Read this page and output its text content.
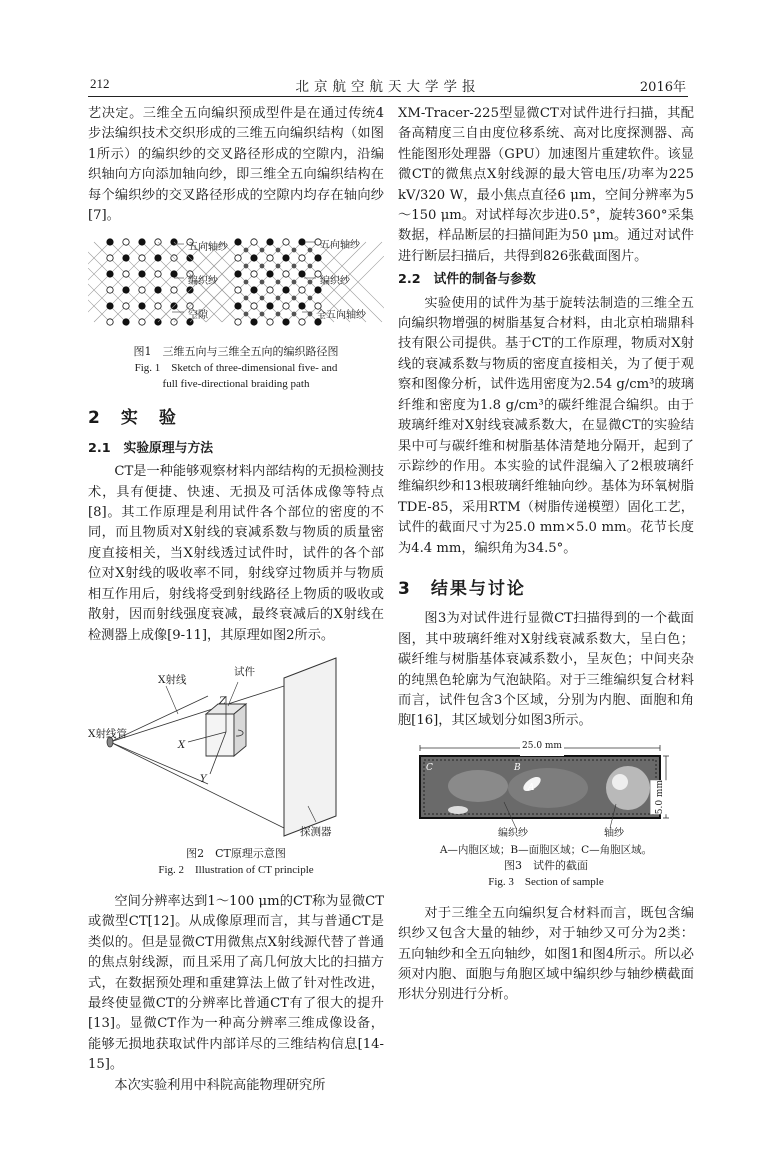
212	北京航空航天大学学报	2016年

艺决定。三维全五向编织预成型件是在通过传统4步法编织技术交织形成的三维五向编织结构（如图1所示）的编织纱的交叉路径形成的空隙内，沿编织轴向方向添加轴向纱，即三维全五向编织结构在每个编织纱的交叉路径形成的空隙内均存在轴向纱[7]。

五向轴纱
编织纱
空隙
五向轴纱
编织纱
全五向轴纱
图1　三维五向与三维全五向的编织路径图
Fig. 1　Sketch of three-dimensional five- and
full five-directional braiding path
2　实　验
2.1　实验原理与方法

CT是一种能够观察材料内部结构的无损检测技术，具有便捷、快速、无损及可活体成像等特点[8]。其工作原理是利用试件各个部位的密度的不同，而且物质对X射线的衰减系数与物质的质量密度直接相关，当X射线透过试件时，试件的各个部位对X射线的吸收率不同，射线穿过物质并与物质相互作用后，射线将受到射线路径上物质的吸收或散射，因而射线强度衰减，最终衰减后的X射线在检测器上成像[9-11]，其原理如图2所示。

X射线
试件
X射线管
Z
X
Y
探测器
图2　CT原理示意图
Fig. 2　Illustration of CT principle

空间分辨率达到1～100 μm的CT称为显微CT或微型CT[12]。从成像原理而言，其与普通CT是类似的。但是显微CT用微焦点X射线源代替了普通的焦点射线源，而且采用了高几何放大比的扫描方式，在数据预处理和重建算法上做了针对性改进，最终使显微CT的分辨率比普通CT有了很大的提升[13]。显微CT作为一种高分辨率三维成像设备，能够无损地获取试件内部详尽的三维结构信息[14-15]。

本次实验利用中科院高能物理研究所

XM-Tracer-225型显微CT对试件进行扫描，其配备高精度三自由度位移系统、高对比度探测器、高性能图形处理器（GPU）加速图片重建软件。该显微CT的微焦点X射线源的最大管电压/功率为225 kV/320 W，最小焦点直径6 μm，空间分辨率为5～150 μm。对试样每次步进0.5°，旋转360°采集数据，样品断层的扫描间距为50 μm。通过对试件进行断层扫描后，共得到826张截面图片。

2.2　试件的制备与参数

实验使用的试件为基于旋转法制造的三维全五向编织物增强的树脂基复合材料，由北京柏瑞鼎科技有限公司提供。基于CT的工作原理，物质对X射线的衰减系数与物质的密度直接相关，为了便于观察和图像分析，试件选用密度为2.54 g/cm³的玻璃纤维和密度为1.8 g/cm³的碳纤维混合编织。由于玻璃纤维对X射线衰减系数大，在显微CT的实验结果中可与碳纤维和树脂基体清楚地分隔开，起到了示踪纱的作用。本实验的试件混编入了2根玻璃纤维编织纱和13根玻璃纤维轴向纱。基体为环氧树脂TDE-85，采用RTM（树脂传递模塑）固化工艺，试件的截面尺寸为25.0 mm×5.0 mm。花节长度为4.4 mm，编织角为34.5°。

3　结果与讨论

图3为对试件进行显微CT扫描得到的一个截面图，其中玻璃纤维对X射线衰减系数大，呈白色；碳纤维与树脂基体衰减系数小，呈灰色；中间夹杂的纯黑色轮廓为气泡缺陷。对于三维编织复合材料而言，试件包含3个区域，分别为内胞、面胞和角胞[16]，其区域划分如图3所示。

25.0 mm
5.0 mm
C	B
A
编织纱	轴纱
A—内胞区域；B—面胞区域；C—角胞区域。
图3　试件的截面
Fig. 3　Section of sample

对于三维全五向编织复合材料而言，既包含编织纱又包含大量的轴纱，对于轴纱又可分为2类：五向轴纱和全五向轴纱，如图1和图4所示。所以必须对内胞、面胞与角胞区域中编织纱与轴纱横截面形状分别进行分析。
